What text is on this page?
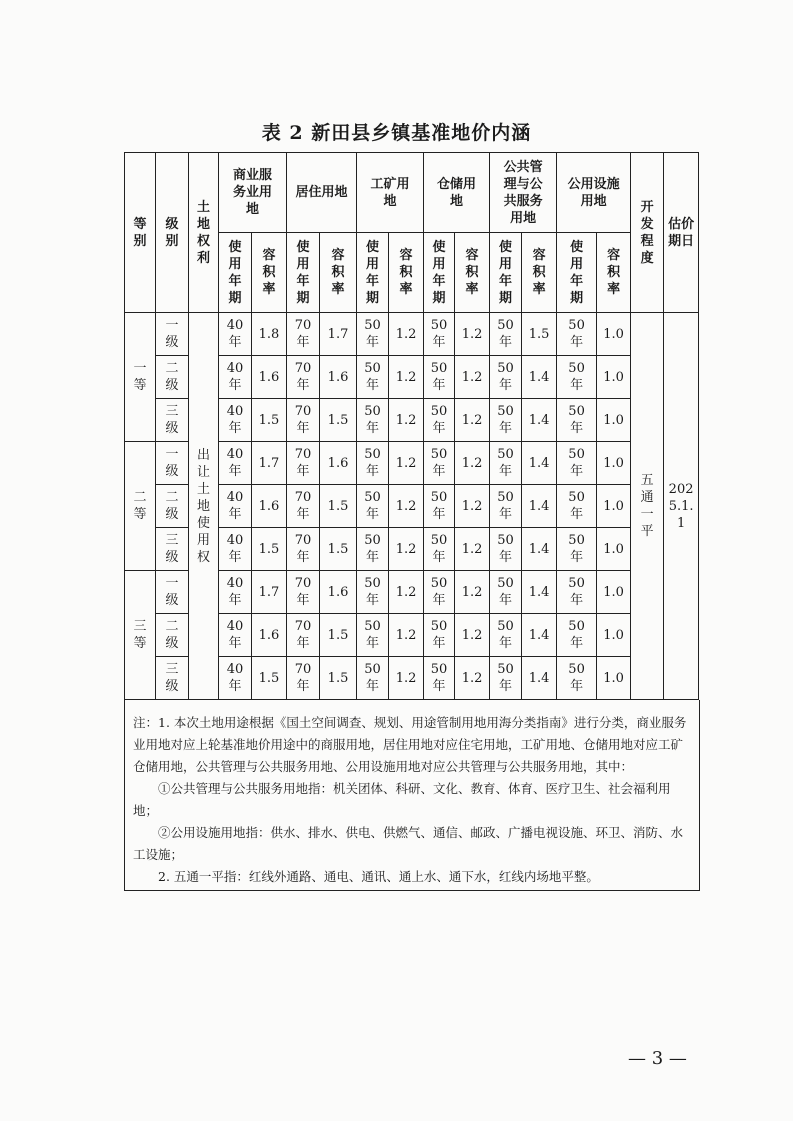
表 2 新田县乡镇基准地价内涵
等别	级别	土地权利	商业服务业用地		居住用地		工矿用地		仓储用地		公共管理与公共服务用地		公用设施用地		开发程度	估价期日
			使用年期	容积率	使用年期	容积率	使用年期	容积率	使用年期	容积率	使用年期	容积率	使用年期	容积率		
一等	一级	出让土地使用权	40年	1.8	70年	1.7	50年	1.2	50年	1.2	50年	1.5	50年	1.0	五通一平	2025.1.1
	二级		40年	1.6	70年	1.6	50年	1.2	50年	1.2	50年	1.4	50年	1.0		
	三级		40年	1.5	70年	1.5	50年	1.2	50年	1.2	50年	1.4	50年	1.0		
二等	一级		40年	1.7	70年	1.6	50年	1.2	50年	1.2	50年	1.4	50年	1.0		
	二级		40年	1.6	70年	1.5	50年	1.2	50年	1.2	50年	1.4	50年	1.0		
	三级		40年	1.5	70年	1.5	50年	1.2	50年	1.2	50年	1.4	50年	1.0		
三等	一级		40年	1.7	70年	1.6	50年	1.2	50年	1.2	50年	1.4	50年	1.0		
	二级		40年	1.6	70年	1.5	50年	1.2	50年	1.2	50年	1.4	50年	1.0		
	三级		40年	1.5	70年	1.5	50年	1.2	50年	1.2	50年	1.4	50年	1.0		

注：1. 本次土地用途根据《国土空间调查、规划、用途管制用地用海分类指南》进行分类，商业服务业用地对应上轮基准地价用途中的商服用地，居住用地对应住宅用地，工矿用地、仓储用地对应工矿仓储用地，公共管理与公共服务用地、公用设施用地对应公共管理与公共服务用地，其中：

①公共管理与公共服务用地指：机关团体、科研、文化、教育、体育、医疗卫生、社会福利用地；

②公用设施用地指：供水、排水、供电、供燃气、通信、邮政、广播电视设施、环卫、消防、水工设施；

2. 五通一平指：红线外通路、通电、通讯、通上水、通下水，红线内场地平整。

— 3 —
